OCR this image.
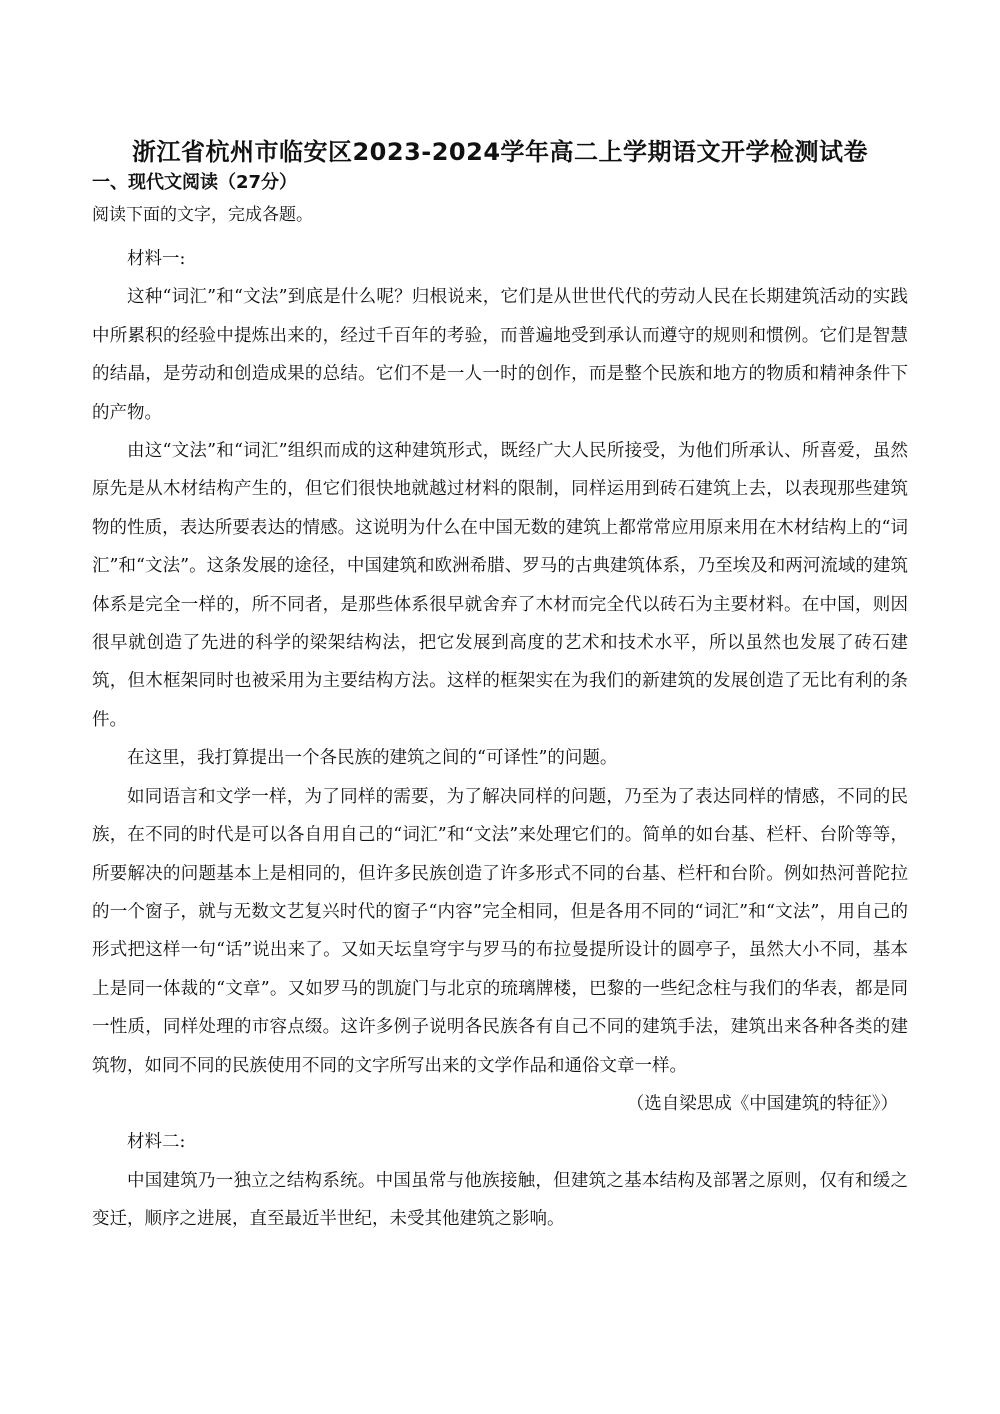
浙江省杭州市临安区2023-2024学年高二上学期语文开学检测试卷
一、现代文阅读（27分）
阅读下面的文字，完成各题。

材料一:

这种“词汇”和“文法”到底是什么呢？归根说来，它们是从世世代代的劳动人民在长期建筑活动的实践中所累积的经验中提炼出来的，经过千百年的考验，而普遍地受到承认而遵守的规则和惯例。它们是智慧的结晶，是劳动和创造成果的总结。它们不是一人一时的创作，而是整个民族和地方的物质和精神条件下的产物。

由这“文法”和“词汇”组织而成的这种建筑形式，既经广大人民所接受，为他们所承认、所喜爱，虽然原先是从木材结构产生的，但它们很快地就越过材料的限制，同样运用到砖石建筑上去，以表现那些建筑物的性质，表达所要表达的情感。这说明为什么在中国无数的建筑上都常常应用原来用在木材结构上的“词汇”和“文法”。这条发展的途径，中国建筑和欧洲希腊、罗马的古典建筑体系，乃至埃及和两河流域的建筑体系是完全一样的，所不同者，是那些体系很早就舍弃了木材而完全代以砖石为主要材料。在中国，则因很早就创造了先进的科学的梁架结构法，把它发展到高度的艺术和技术水平，所以虽然也发展了砖石建筑，但木框架同时也被采用为主要结构方法。这样的框架实在为我们的新建筑的发展创造了无比有利的条件。

在这里，我打算提出一个各民族的建筑之间的“可译性”的问题。

如同语言和文学一样，为了同样的需要，为了解决同样的问题，乃至为了表达同样的情感，不同的民族，在不同的时代是可以各自用自己的“词汇”和“文法”来处理它们的。简单的如台基、栏杆、台阶等等，所要解决的问题基本上是相同的，但许多民族创造了许多形式不同的台基、栏杆和台阶。例如热河普陀拉的一个窗子，就与无数文艺复兴时代的窗子“内容”完全相同，但是各用不同的“词汇”和“文法”，用自己的形式把这样一句“话”说出来了。又如天坛皇穹宇与罗马的布拉曼提所设计的圆亭子，虽然大小不同，基本上是同一体裁的“文章”。又如罗马的凯旋门与北京的琉璃牌楼，巴黎的一些纪念柱与我们的华表，都是同一性质，同样处理的市容点缀。这许多例子说明各民族各有自己不同的建筑手法，建筑出来各种各类的建筑物，如同不同的民族使用不同的文字所写出来的文学作品和通俗文章一样。

（选自梁思成《中国建筑的特征》）

材料二:

中国建筑乃一独立之结构系统。中国虽常与他族接触，但建筑之基本结构及部署之原则，仅有和缓之变迁，顺序之进展，直至最近半世纪，未受其他建筑之影响。
